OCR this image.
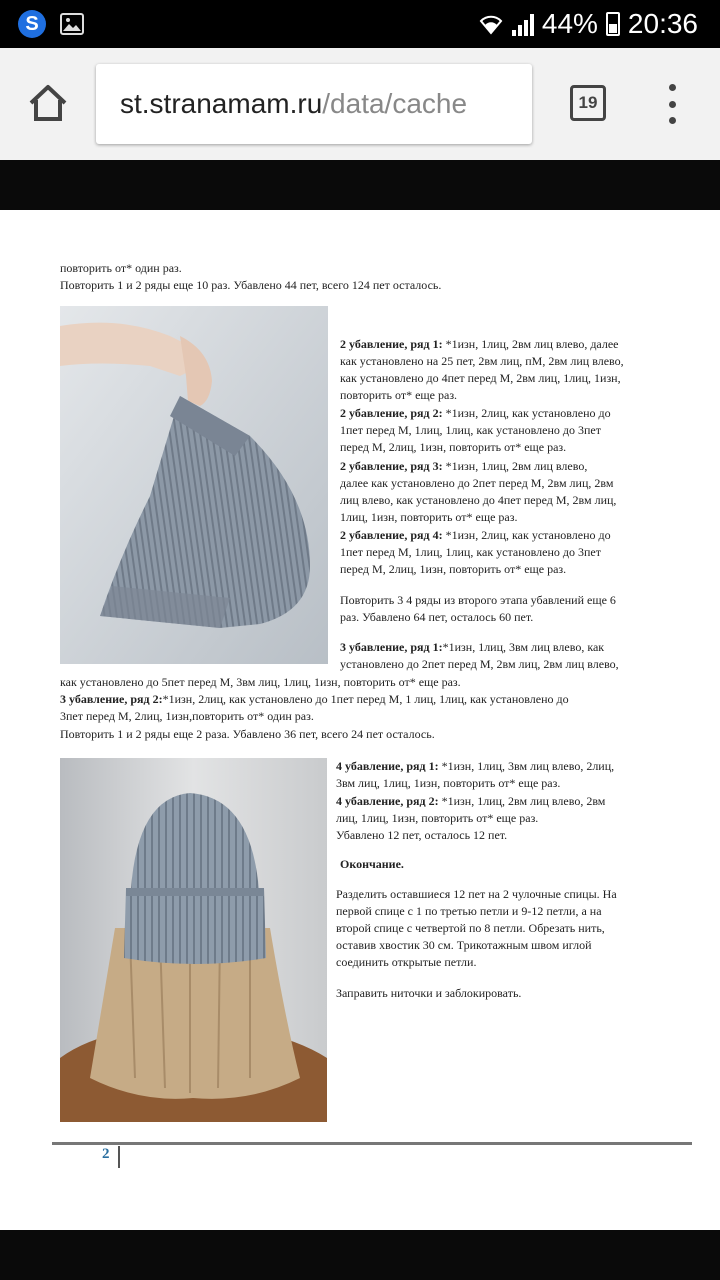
S	44% 20:36
st.stranamam.ru/data/cache	19
повторить от* один раз.
Повторить 1 и 2 ряды еще 10 раз. Убавлено 44 пет, всего 124 пет осталось.
2 убавление, ряд 1: *1изн, 1лиц, 2вм лиц влево, далее
как установлено на 25 пет, 2вм лиц, пМ, 2вм лиц влево,
как установлено до 4пет перед М, 2вм лиц, 1лиц, 1изн,
повторить от* еще раз.
2 убавление, ряд 2: *1изн, 2лиц, как установлено до
1пет перед М, 1лиц, 1лиц, как установлено до 3пет
перед М, 2лиц, 1изн, повторить от* еще раз.
2 убавление, ряд 3: *1изн, 1лиц, 2вм лиц влево,
далее как установлено до 2пет перед М, 2вм лиц, 2вм
лиц влево, как установлено до 4пет перед М, 2вм лиц,
1лиц, 1изн, повторить от* еще раз.
2 убавление, ряд 4: *1изн, 2лиц, как установлено до
1пет перед М, 1лиц, 1лиц, как установлено до 3пет
перед М, 2лиц, 1изн, повторить от* еще раз.
Повторить 3 4 ряды из второго этапа убавлений еще 6
раз. Убавлено 64 пет, осталось 60 пет.
3 убавление, ряд 1:*1изн, 1лиц, 3вм лиц влево, как
установлено до 2пет перед М, 2вм лиц, 2вм лиц влево,
как установлено до 5пет перед М, 3вм лиц, 1лиц, 1изн, повторить от* еще раз.
3 убавление, ряд 2:*1изн, 2лиц, как установлено до 1пет перед М, 1 лиц, 1лиц, как установлено до
3пет перед М, 2лиц, 1изн,повторить от* один раз.
Повторить 1 и 2 ряды еще 2 раза. Убавлено 36 пет, всего 24 пет осталось.
4 убавление, ряд 1: *1изн, 1лиц, 3вм лиц влево, 2лиц,
3вм лиц, 1лиц, 1изн, повторить от* еще раз.
4 убавление, ряд 2: *1изн, 1лиц, 2вм лиц влево, 2вм
лиц, 1лиц, 1изн, повторить от* еще раз.
Убавлено 12 пет, осталось 12 пет.
Окончание.
Разделить оставшиеся 12 пет на 2 чулочные спицы. На
первой спице с 1 по третью петли и 9-12 петли, а на
второй спице с четвертой по 8 петли. Обрезать нить,
оставив хвостик 30 см. Трикотажным швом иглой
соединить открытые петли.
Заправить ниточки и заблокировать.
2
